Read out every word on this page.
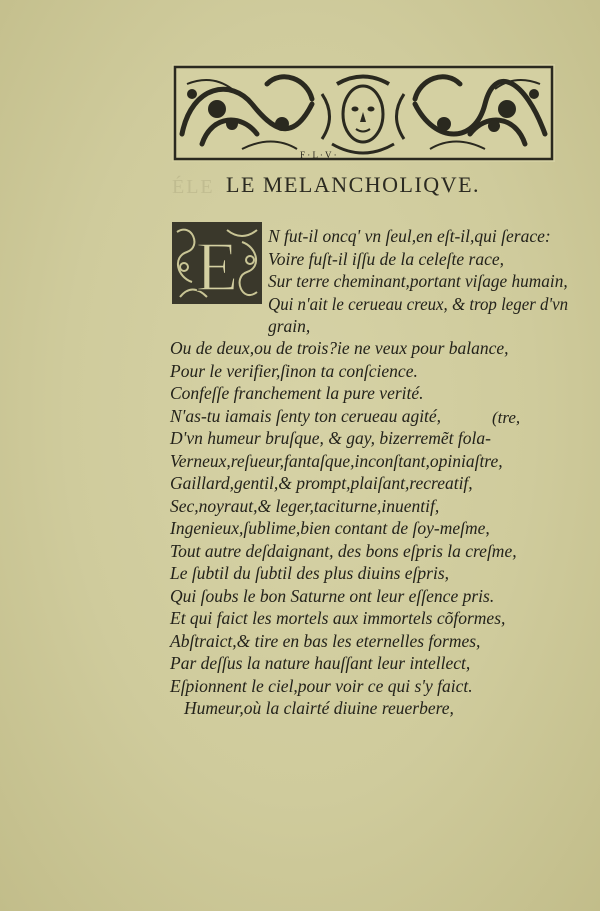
F · L · V ·
ÉLE LE MELANCHOLIQVE.
E N fut-il oncq' vn ſeul,en eſt-il,qui ſerace:
Voire fuſt-il iſſu de la celeſte race,
Sur terre cheminant,portant viſage humain,
Qui n'ait le cerueau creux, & trop leger d'vn
grain,
Ou de deux,ou de trois?ie ne veux pour balance,
Pour le verifier,ſinon ta conſcience.
Confeſſe franchement la pure verité.
N'as-tu iamais ſenty ton cerueau agité,	(tre,
D'vn humeur bruſque, & gay, bizerremẽt fola-
Verneux,reſueur,fantaſque,inconſtant,opiniaſtre,
Gaillard,gentil,& prompt,plaiſant,recreatif,
Sec,noyraut,& leger,taciturne,inuentif,
Ingenieux,ſublime,bien contant de ſoy-meſme,
Tout autre deſdaignant, des bons eſpris la creſme,
Le ſubtil du ſubtil des plus diuins eſpris,
Qui ſoubs le bon Saturne ont leur eſſence pris.
Et qui faict les mortels aux immortels cõformes,
Abſtraict,& tire en bas les eternelles formes,
Par deſſus la nature hauſſant leur intellect,
Eſpionnent le ciel,pour voir ce qui s'y faict.
Humeur,où la clairté diuine reuerbere,
